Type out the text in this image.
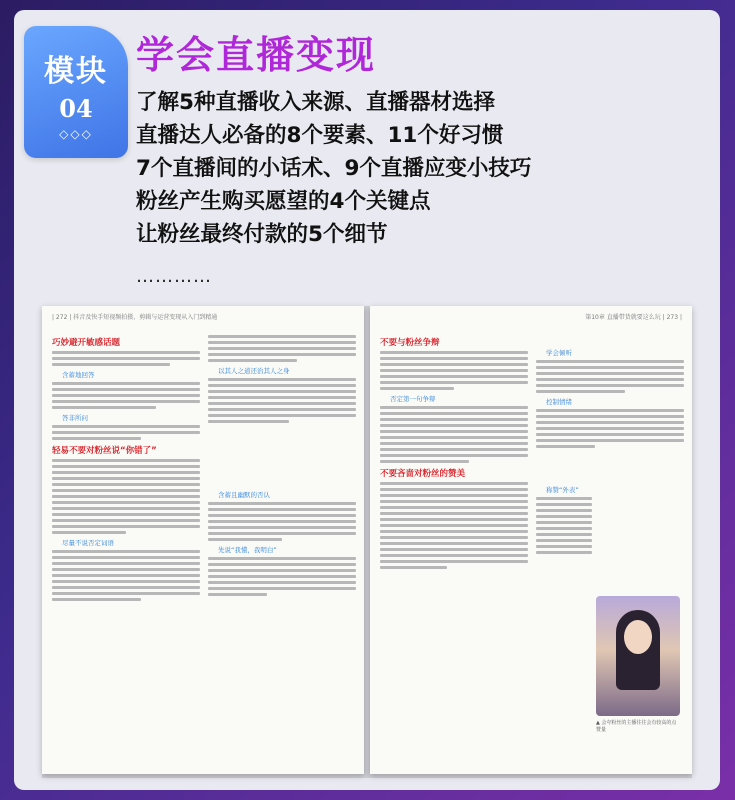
模块
04
◇◇◇
学会直播变现
了解5种直播收入来源、直播器材选择
直播达人必备的8个要素、11个好习惯
7个直播间的小话术、9个直播应变小技巧
粉丝产生购买愿望的4个关键点
让粉丝最终付款的5个细节
…………
| 272 | 抖音及快手短视频拍摄、剪辑与运营变现从入门到精通
巧妙避开敏感话题
含蓄地回答
答非所问
轻易不要对粉丝说“你错了”
尽量不说否定词语
以其人之道还治其人之身
含蓄且幽默的否认
先说“我懂，我明白”
第10章 直播带货就要这么玩 | 273 |
不要与粉丝争辩
否定第一句争辩
不要吝啬对粉丝的赞美
学会倾听
控制情绪
称赞“外表”
▲ 会夸粉丝的主播往往会有较高的点赞量
